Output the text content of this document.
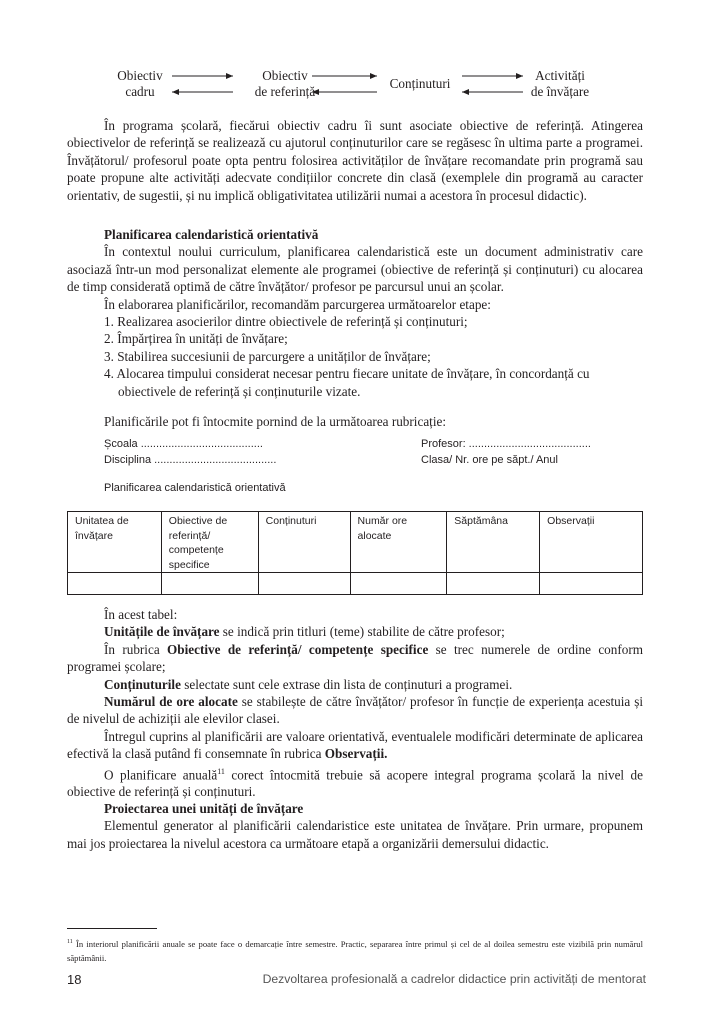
Obiectiv
cadru
Obiectiv
de referință
Conținuturi
Activități
de învățare

În programa școlară, fiecărui obiectiv cadru îi sunt asociate obiective de referință. Atingerea obiectivelor de referință se realizează cu ajutorul conținuturilor care se regăsesc în ultima parte a programei. Învățătorul/ profesorul poate opta pentru folosirea activităților de învățare recomandate prin programă sau poate propune alte activități adecvate condițiilor concrete din clasă (exemplele din programă au caracter orientativ, de sugestii, și nu implică obligativitatea utilizării numai a acestora în procesul didactic).

Planificarea calendaristică orientativă

În contextul noului curriculum, planificarea calendaristică este un document administrativ care asociază într-un mod personalizat elemente ale programei (obiective de referință și conținuturi) cu alocarea de timp considerată optimă de către învățător/ profesor pe parcursul unui an școlar.

În elaborarea planificărilor, recomandăm parcurgerea următoarelor etape:

1. Realizarea asocierilor dintre obiectivele de referință și conținuturi;

2. Împărțirea în unități de învățare;

3. Stabilirea succesiunii de parcurgere a unităților de învățare;

4. Alocarea timpului considerat necesar pentru fiecare unitate de învățare, în concordanță cu obiectivele de referință și conținuturile vizate.

Planificările pot fi întocmite pornind de la următoarea rubricație:

Școala ........................................
Disciplina ........................................
Profesor: ........................................
Clasa/ Nr. ore pe săpt./ Anul
Planificarea calendaristică orientativă
Unitatea de învățare	Obiective de referință/ competențe specifice	Conținuturi	Număr ore alocate	Săptămâna	Observații

În acest tabel:

Unitățile de învățare se indică prin titluri (teme) stabilite de către profesor;

În rubrica Obiective de referință/ competențe specifice se trec numerele de ordine conform programei școlare;

Conținuturile selectate sunt cele extrase din lista de conținuturi a programei.

Numărul de ore alocate se stabilește de către învățător/ profesor în funcție de experiența acestuia și de nivelul de achiziții ale elevilor clasei.

Întregul cuprins al planificării are valoare orientativă, eventualele modificări determinate de aplicarea efectivă la clasă putând fi consemnate în rubrica Observații.

O planificare anuală$^{11}$ corect întocmită trebuie să acopere integral programa școlară la nivel de obiective de referință și conținuturi.

Proiectarea unei unități de învățare

Elementul generator al planificării calendaristice este unitatea de învățare. Prin urmare, propunem mai jos proiectarea la nivelul acestora ca următoare etapă a organizării demersului didactic.

$^{11}$ În interiorul planificării anuale se poate face o demarcație între semestre. Practic, separarea între primul și cel de al doilea semestru este vizibilă prin numărul săptămânii.
18	Dezvoltarea profesională a cadrelor didactice prin activități de mentorat
